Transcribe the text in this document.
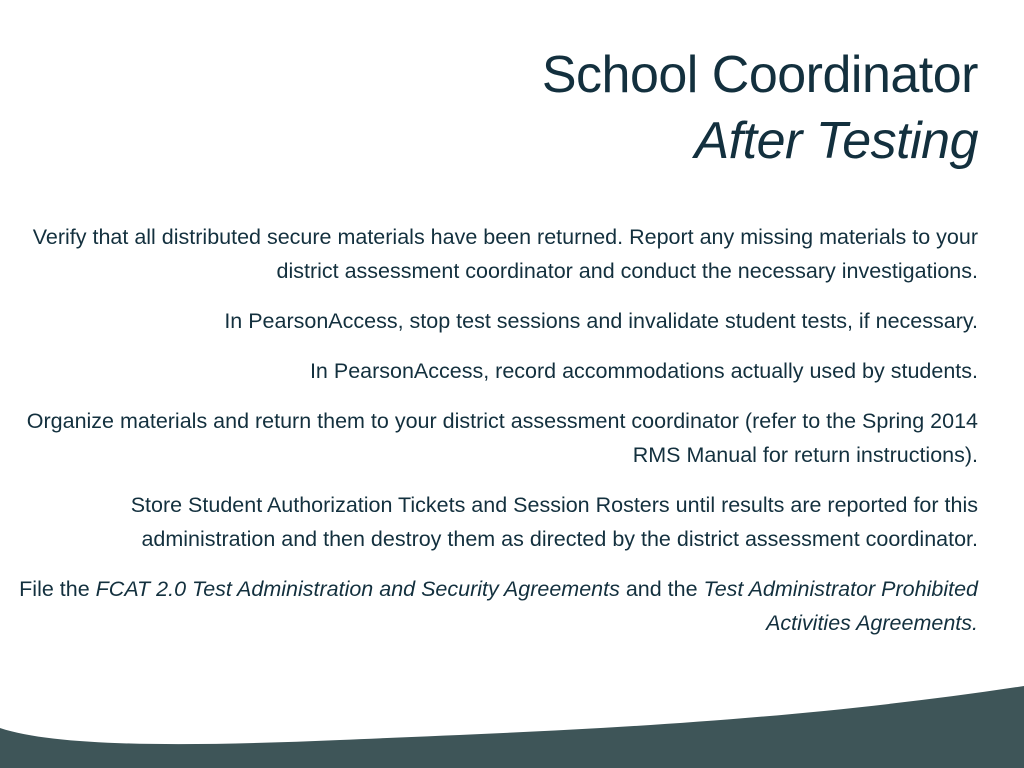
School Coordinator
After Testing

Verify that all distributed secure materials have been returned. Report any missing materials to your district assessment coordinator and conduct the necessary investigations.

In PearsonAccess, stop test sessions and invalidate student tests, if necessary.

In PearsonAccess, record accommodations actually used by students.

Organize materials and return them to your district assessment coordinator (refer to the Spring 2014 RMS Manual for return instructions).

Store Student Authorization Tickets and Session Rosters until results are reported for this administration and then destroy them as directed by the district assessment coordinator.

File the FCAT 2.0 Test Administration and Security Agreements and the Test Administrator Prohibited Activities Agreements.
